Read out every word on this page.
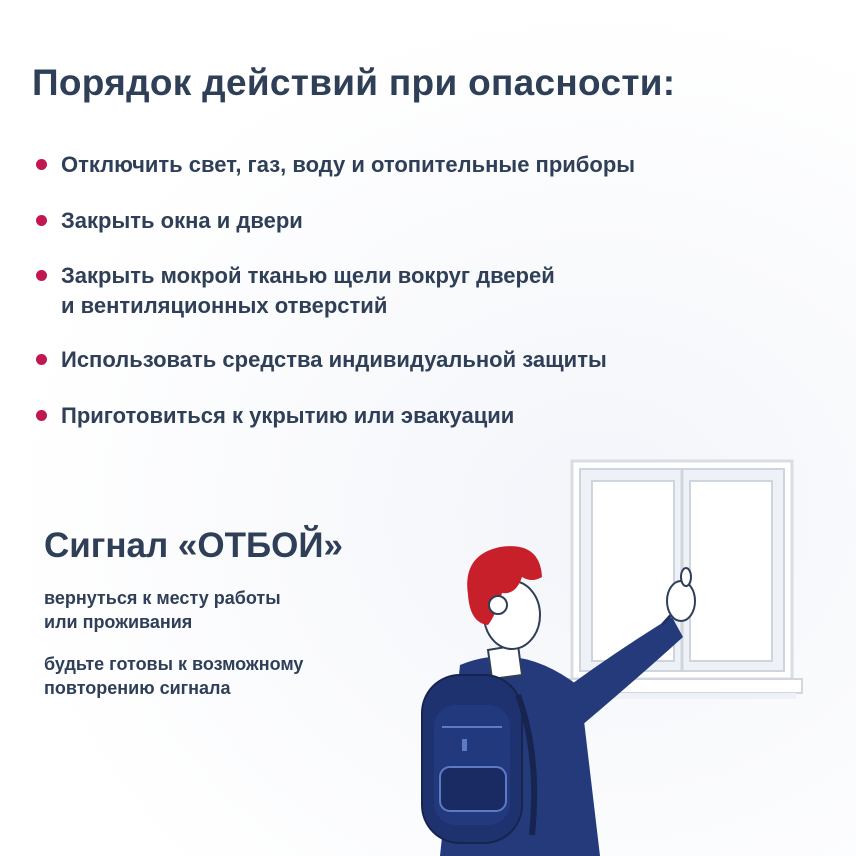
Порядок действий при опасности:
Отключить свет, газ, воду и отопительные приборы
Закрыть окна и двери
Закрыть мокрой тканью щели вокруг дверей
и вентиляционных отверстий
Использовать средства индивидуальной защиты
Приготовиться к укрытию или эвакуации
Сигнал «ОТБОЙ»
вернуться к месту работы
или проживания
будьте готовы к возможному
повторению сигнала
